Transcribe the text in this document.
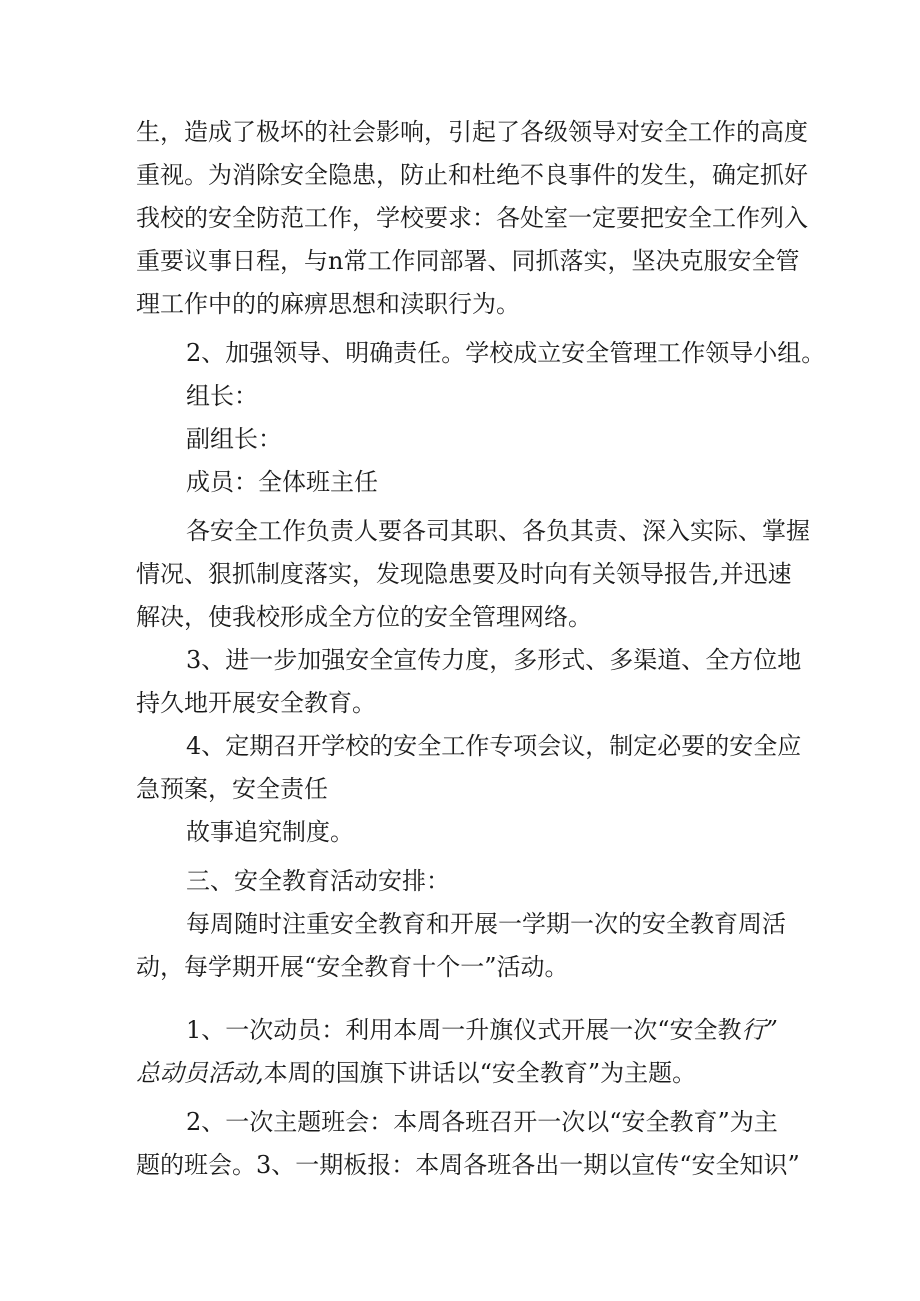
生，造成了极坏的社会影响，引起了各级领导对安全工作的高度

重视。为消除安全隐患，防止和杜绝不良事件的发生，确定抓好

我校的安全防范工作，学校要求：各处室一定要把安全工作列入

重要议事日程，与n常工作同部署、同抓落实，坚决克服安全管

理工作中的的麻痹思想和渎职行为。

2、加强领导、明确责任。学校成立安全管理工作领导小组。

组长：

副组长：

成员：全体班主任

各安全工作负责人要各司其职、各负其责、深入实际、掌握

情况、狠抓制度落实，发现隐患要及时向有关领导报告,并迅速

解决，使我校形成全方位的安全管理网络。

3、进一步加强安全宣传力度，多形式、多渠道、全方位地

持久地开展安全教育。

4、定期召开学校的安全工作专项会议，制定必要的安全应

急预案，安全责任

故事追究制度。

三、安全教育活动安排：

每周随时注重安全教育和开展一学期一次的安全教育周活

动，每学期开展“安全教育十个一”活动。

1、一次动员：利用本周一升旗仪式开展一次“安全教行”

总动员活动,本周的国旗下讲话以“安全教育”为主题。

2、一次主题班会：本周各班召开一次以“安全教育”为主

题的班会。3、一期板报：本周各班各出一期以宣传“安全知识”
